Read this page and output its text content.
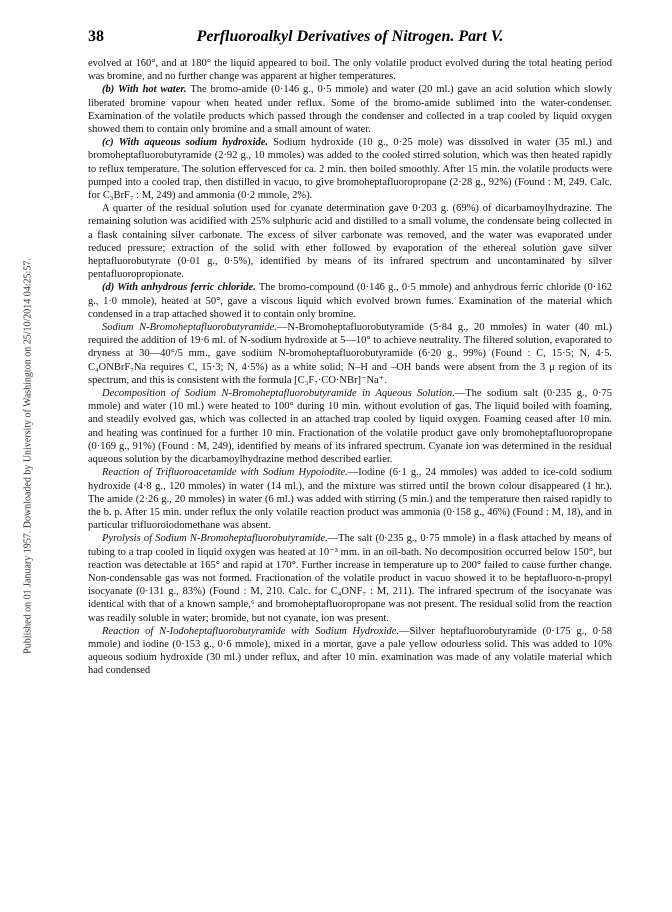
Published on 01 January 1957. Downloaded by University of Washington on 25/10/2014 04:25:57.
38	Perfluoroalkyl Derivatives of Nitrogen. Part V.

evolved at 160°, and at 180° the liquid appeared to boil. The only volatile product evolved during the total heating period was bromine, and no further change was apparent at higher temperatures.

(b) With hot water. The bromo-amide (0·146 g., 0·5 mmole) and water (20 ml.) gave an acid solution which slowly liberated bromine vapour when heated under reflux. Some of the bromo-amide sublimed into the water-condenser. Examination of the volatile products which passed through the condenser and collected in a trap cooled by liquid oxygen showed them to contain only bromine and a small amount of water.

(c) With aqueous sodium hydroxide. Sodium hydroxide (10 g., 0·25 mole) was dissolved in water (35 ml.) and bromoheptafluorobutyramide (2·92 g., 10 mmoles) was added to the cooled stirred solution, which was then heated rapidly to reflux temperature. The solution effervesced for ca. 2 min. then boiled smoothly. After 15 min. the volatile products were pumped into a cooled trap, then distilled in vacuo, to give bromoheptafluoropropane (2·28 g., 92%) (Found : M, 249. Calc. for C₃BrF₇ : M, 249) and ammonia (0·2 mmole, 2%).

A quarter of the residual solution used for cyanate determination gave 0·203 g. (69%) of dicarbamoylhydrazine. The remaining solution was acidified with 25% sulphuric acid and distilled to a small volume, the condensate being collected in a flask containing silver carbonate. The excess of silver carbonate was removed, and the water was evaporated under reduced pressure; extraction of the solid with ether followed by evaporation of the ethereal solution gave silver heptafluorobutyrate (0·01 g., 0·5%), identified by means of its infrared spectrum and uncontaminated by silver pentafluoropropionate.

(d) With anhydrous ferric chloride. The bromo-compound (0·146 g., 0·5 mmole) and anhydrous ferric chloride (0·162 g., 1·0 mmole), heated at 50°, gave a viscous liquid which evolved brown fumes. Examination of the material which condensed in a trap attached showed it to contain only bromine.

Sodium N-Bromoheptafluorobutyramide.—N-Bromoheptafluorobutyramide (5·84 g., 20 mmoles) in water (40 ml.) required the addition of 19·6 ml. of N-sodium hydroxide at 5—10° to achieve neutrality. The filtered solution, evaporated to dryness at 30—40°/5 mm., gave sodium N-bromoheptafluorobutyramide (6·20 g., 99%) (Found : C, 15·5; N, 4·5. C₄ONBrF₇Na requires C, 15·3; N, 4·5%) as a white solid; N–H and –OH bands were absent from the 3 μ region of its spectrum, and this is consistent with the formula [C₃F₇·CO·NBr]⁻Na⁺.

Decomposition of Sodium N-Bromoheptafluorobutyramide in Aqueous Solution.—The sodium salt (0·235 g., 0·75 mmole) and water (10 ml.) were heated to 100° during 10 min. without evolution of gas. The liquid boiled with foaming, and steadily evolved gas, which was collected in an attached trap cooled by liquid oxygen. Foaming ceased after 10 min. and heating was continued for a further 10 min. Fractionation of the volatile product gave only bromoheptafluoropropane (0·169 g., 91%) (Found : M, 249), identified by means of its infrared spectrum. Cyanate ion was determined in the residual aqueous solution by the dicarbamoylhydrazine method described earlier.

Reaction of Trifluoroacetamide with Sodium Hypoiodite.—Iodine (6·1 g., 24 mmoles) was added to ice-cold sodium hydroxide (4·8 g., 120 mmoles) in water (14 ml.), and the mixture was stirred until the brown colour disappeared (1 hr.). The amide (2·26 g., 20 mmoles) in water (6 ml.) was added with stirring (5 min.) and the temperature then raised rapidly to the b. p. After 15 min. under reflux the only volatile reaction product was ammonia (0·158 g., 46%) (Found : M, 18), and in particular trifluoroiodomethane was absent.

Pyrolysis of Sodium N-Bromoheptafluorobutyramide.—The salt (0·235 g., 0·75 mmole) in a flask attached by means of tubing to a trap cooled in liquid oxygen was heated at 10⁻³ mm. in an oil-bath. No decomposition occurred below 150°, but reaction was detectable at 165° and rapid at 170°. Further increase in temperature up to 200° failed to cause further change. Non-condensable gas was not formed. Fractionation of the volatile product in vacuo showed it to be heptafluoro-n-propyl isocyanate (0·131 g., 83%) (Found : M, 210. Calc. for C₄ONF₇ : M, 211). The infrared spectrum of the isocyanate was identical with that of a known sample,⁶ and bromoheptafluoropropane was not present. The residual solid from the reaction was readily soluble in water; bromide, but not cyanate, ion was present.

Reaction of N-Iodoheptafluorobutyramide with Sodium Hydroxide.—Silver heptafluorobutyramide (0·175 g., 0·58 mmole) and iodine (0·153 g., 0·6 mmole), mixed in a mortar, gave a pale yellow odourless solid. This was added to 10% aqueous sodium hydroxide (30 ml.) under reflux, and after 10 min. examination was made of any volatile material which had condensed
